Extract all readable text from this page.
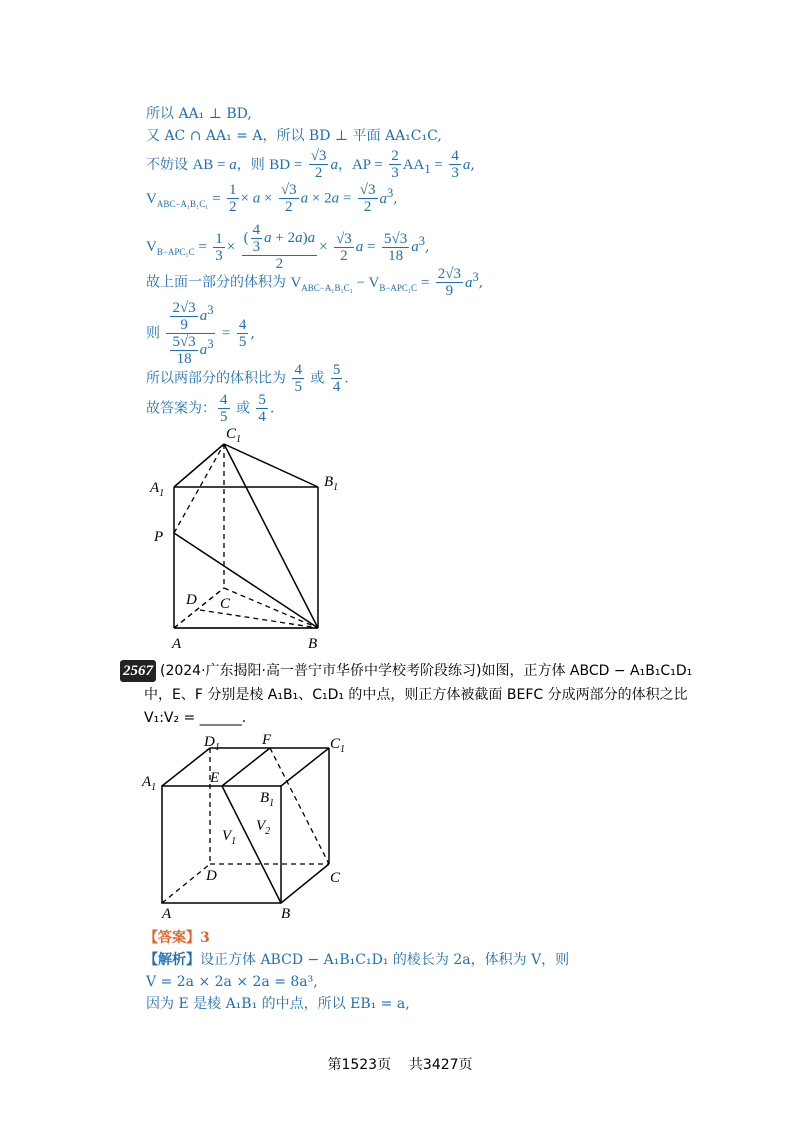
所以 AA₁ ⊥ BD,
又 AC ∩ AA₁ = A，所以 BD ⊥ 平面 AA₁C₁C,
不妨设 AB = a，则 BD = $\frac{√3}{2}$ a，AP = $\frac{2}{3} AA_1 = \frac{4}{3} a$,
$V_{ABC-A_1B_1C_1} = \frac{1}{2} \times a \times \frac{√3}{2}$ $a \times 2a = \frac{√3}{2} a^3$,
$V_{B-APC_1C} = \frac{1}{3} \times \frac{( \frac{4}{3} a + 2a)a}{2} \times \frac{√3}{2}$ $a = \frac{5√3}{18} a^3$,
故上面一部分的体积为 $V_{ABC-A_1B_1C_1} - V_{B-APC_1C} = \frac{2√3}{9} a^3$,
则 $\frac{\frac{2√3}{9} a^3}{\frac{5√3}{18} a^3} = \frac{4}{5}$ ,
所以两部分的体积比为 $\frac{4}{5}$ 或 $\frac{5}{4}$ .
故答案为： $\frac{4}{5}$ 或 $\frac{5}{4}$ .
$C_1$
$A_1$
$B_1$
P
D C
A	B
2567 (2024·广东揭阳·高一普宁市华侨中学校考阶段练习)如图，正方体 ABCD − A₁B₁C₁D₁
中，E、F 分别是棱 A₁B₁、C₁D₁ 的中点，则正方体被截面 BEFC 分成两部分的体积之比
V₁:V₂ = ______.
$D_1$	F	$C_1$
$A_1$
E
$B_1$
$V_1$
$V_2$
D	C
A	B
【答案】3
【解析】设正方体 ABCD − A₁B₁C₁D₁ 的棱长为 2a，体积为 V，则
V = 2a × 2a × 2a = 8a³,
因为 E 是棱 A₁B₁ 的中点，所以 EB₁ = a,
第1523页 共3427页
